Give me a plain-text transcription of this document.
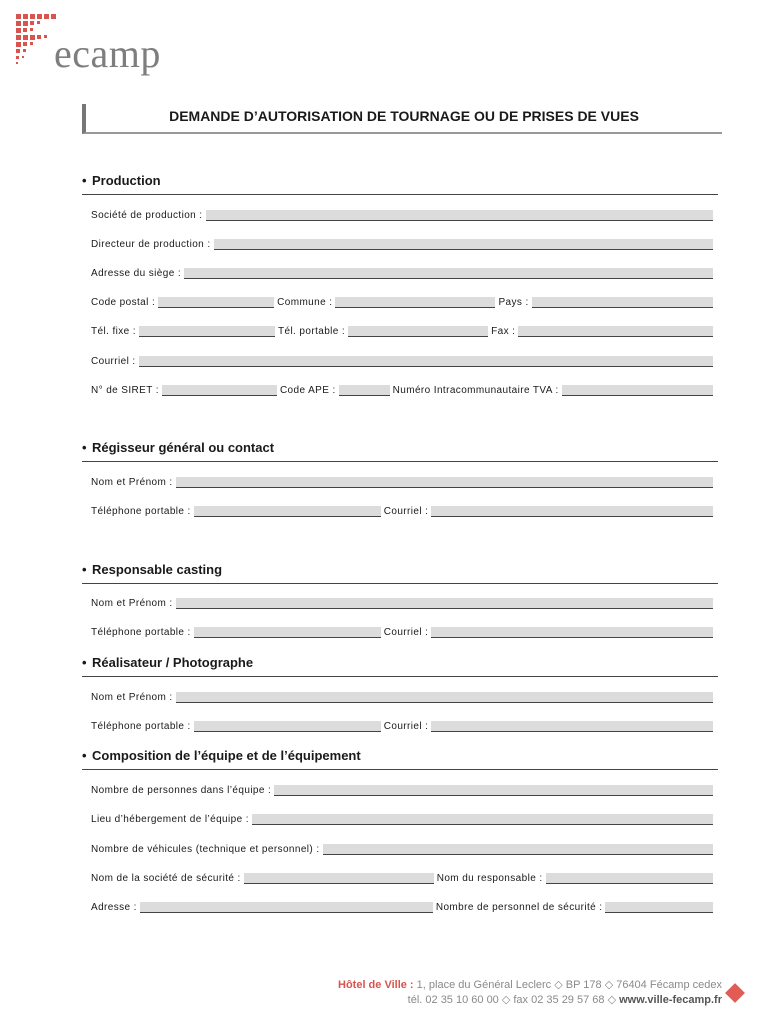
ecamp
DEMANDE D’AUTORISATION DE TOURNAGE OU DE PRISES DE VUES
• Production
Société de production :
Directeur de production :
Adresse du siège :
Code postal :	Commune :	Pays :
Tél. fixe :	Tél. portable :	Fax :
Courriel :
N° de SIRET :	Code APE :	Numéro Intracommunautaire TVA :
• Régisseur général ou contact
Nom et Prénom :
Téléphone portable :	Courriel :
• Responsable casting
Nom et Prénom :
Téléphone portable :	Courriel :
• Réalisateur / Photographe
Nom et Prénom :
Téléphone portable :	Courriel :
• Composition de l’équipe et de l’équipement
Nombre de personnes dans l’équipe :
Lieu d’hébergement de l’équipe :
Nombre de véhicules (technique et personnel) :
Nom de la société de sécurité :	Nom du responsable :
Adresse :	Nombre de personnel de sécurité :
Hôtel de Ville : 1, place du Général Leclerc ◇ BP 178 ◇ 76404 Fécamp cedex
tél. 02 35 10 60 00 ◇ fax 02 35 29 57 68 ◇ www.ville-fecamp.fr
